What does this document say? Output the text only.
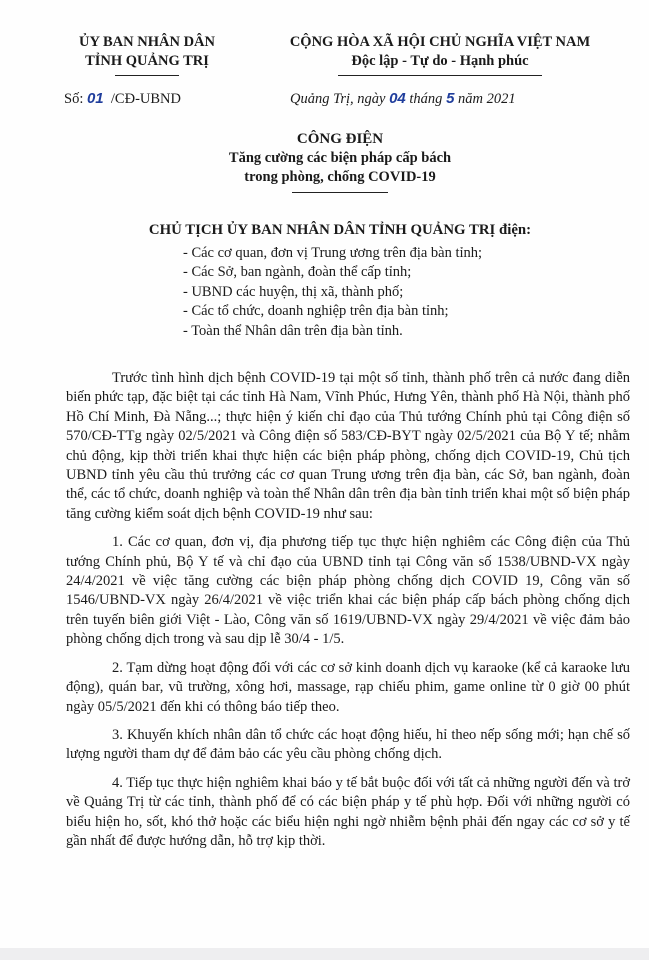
ỦY BAN NHÂN DÂN
TỈNH QUẢNG TRỊ
CỘNG HÒA XÃ HỘI CHỦ NGHĨA VIỆT NAM
Độc lập - Tự do - Hạnh phúc
Số: 01 /CĐ-UBND	Quảng Trị, ngày 04 tháng 5 năm 2021
CÔNG ĐIỆN
Tăng cường các biện pháp cấp bách
trong phòng, chống COVID-19
CHỦ TỊCH ỦY BAN NHÂN DÂN TỈNH QUẢNG TRỊ điện:
- Các cơ quan, đơn vị Trung ương trên địa bàn tỉnh;
- Các Sở, ban ngành, đoàn thể cấp tỉnh;
- UBND các huyện, thị xã, thành phố;
- Các tổ chức, doanh nghiệp trên địa bàn tỉnh;
- Toàn thể Nhân dân trên địa bàn tỉnh.

Trước tình hình dịch bệnh COVID-19 tại một số tỉnh, thành phố trên cả nước đang diễn biến phức tạp, đặc biệt tại các tỉnh Hà Nam, Vĩnh Phúc, Hưng Yên, thành phố Hà Nội, thành phố Hồ Chí Minh, Đà Nẵng...; thực hiện ý kiến chỉ đạo của Thủ tướng Chính phủ tại Công điện số 570/CĐ-TTg ngày 02/5/2021 và Công điện số 583/CĐ-BYT ngày 02/5/2021 của Bộ Y tế; nhằm chủ động, kịp thời triển khai thực hiện các biện pháp phòng, chống dịch COVID-19, Chủ tịch UBND tỉnh yêu cầu thủ trưởng các cơ quan Trung ương trên địa bàn, các Sở, ban ngành, đoàn thể, các tổ chức, doanh nghiệp và toàn thể Nhân dân trên địa bàn tỉnh triển khai một số biện pháp tăng cường kiểm soát dịch bệnh COVID-19 như sau:

1. Các cơ quan, đơn vị, địa phương tiếp tục thực hiện nghiêm các Công điện của Thủ tướng Chính phủ, Bộ Y tế và chỉ đạo của UBND tỉnh tại Công văn số 1538/UBND-VX ngày 24/4/2021 về việc tăng cường các biện pháp phòng chống dịch COVID 19, Công văn số 1546/UBND-VX ngày 26/4/2021 về việc triển khai các biện pháp cấp bách phòng chống dịch trên tuyến biên giới Việt - Lào, Công văn số 1619/UBND-VX ngày 29/4/2021 về việc đảm bảo phòng chống dịch trong và sau dịp lễ 30/4 - 1/5.

2. Tạm dừng hoạt động đối với các cơ sở kinh doanh dịch vụ karaoke (kể cả karaoke lưu động), quán bar, vũ trường, xông hơi, massage, rạp chiếu phim, game online từ 0 giờ 00 phút ngày 05/5/2021 đến khi có thông báo tiếp theo.

3. Khuyến khích nhân dân tổ chức các hoạt động hiếu, hỉ theo nếp sống mới; hạn chế số lượng người tham dự để đảm bảo các yêu cầu phòng chống dịch.

4. Tiếp tục thực hiện nghiêm khai báo y tế bắt buộc đối với tất cả những người đến và trở về Quảng Trị từ các tỉnh, thành phố để có các biện pháp y tế phù hợp. Đối với những người có biểu hiện ho, sốt, khó thở hoặc các biểu hiện nghi ngờ nhiễm bệnh phải đến ngay các cơ sở y tế gần nhất để được hướng dẫn, hỗ trợ kịp thời.
